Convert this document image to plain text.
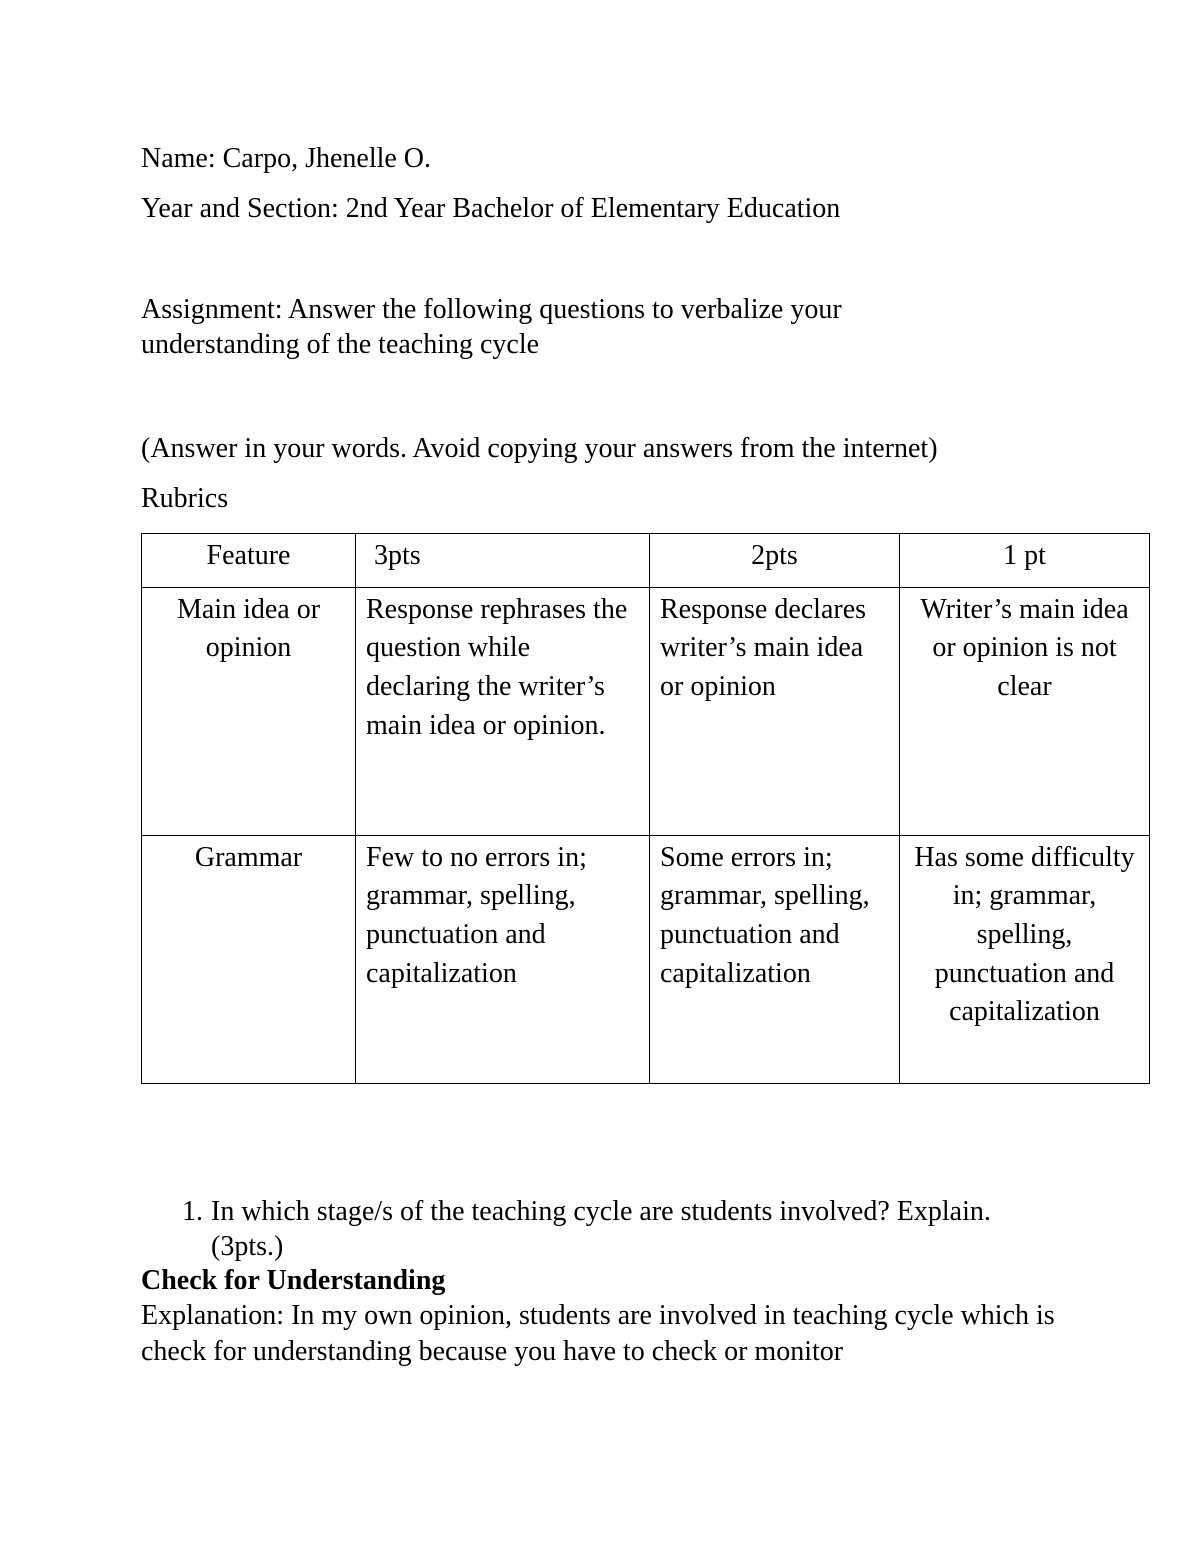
Name: Carpo, Jhenelle O.

Year and Section: 2nd Year Bachelor of Elementary Education

Assignment: Answer the following questions to verbalize your understanding of the teaching cycle

(Answer in your words. Avoid copying your answers from the internet)

Rubrics

Feature	3pts	2pts	1 pt
Main idea or opinion	Response rephrases the question while declaring the writer’s main idea or opinion.	Response declares writer’s main idea or opinion	Writer’s main idea or opinion is not clear
Grammar	Few to no errors in; grammar, spelling, punctuation and capitalization	Some errors in; grammar, spelling, punctuation and capitalization	Has some difficulty in; grammar, spelling, punctuation and capitalization
1. In which stage/s of the teaching cycle are students involved? Explain. (3pts.)

Check for Understanding

Explanation: In my own opinion, students are involved in teaching cycle which is check for understanding because you have to check or monitor
